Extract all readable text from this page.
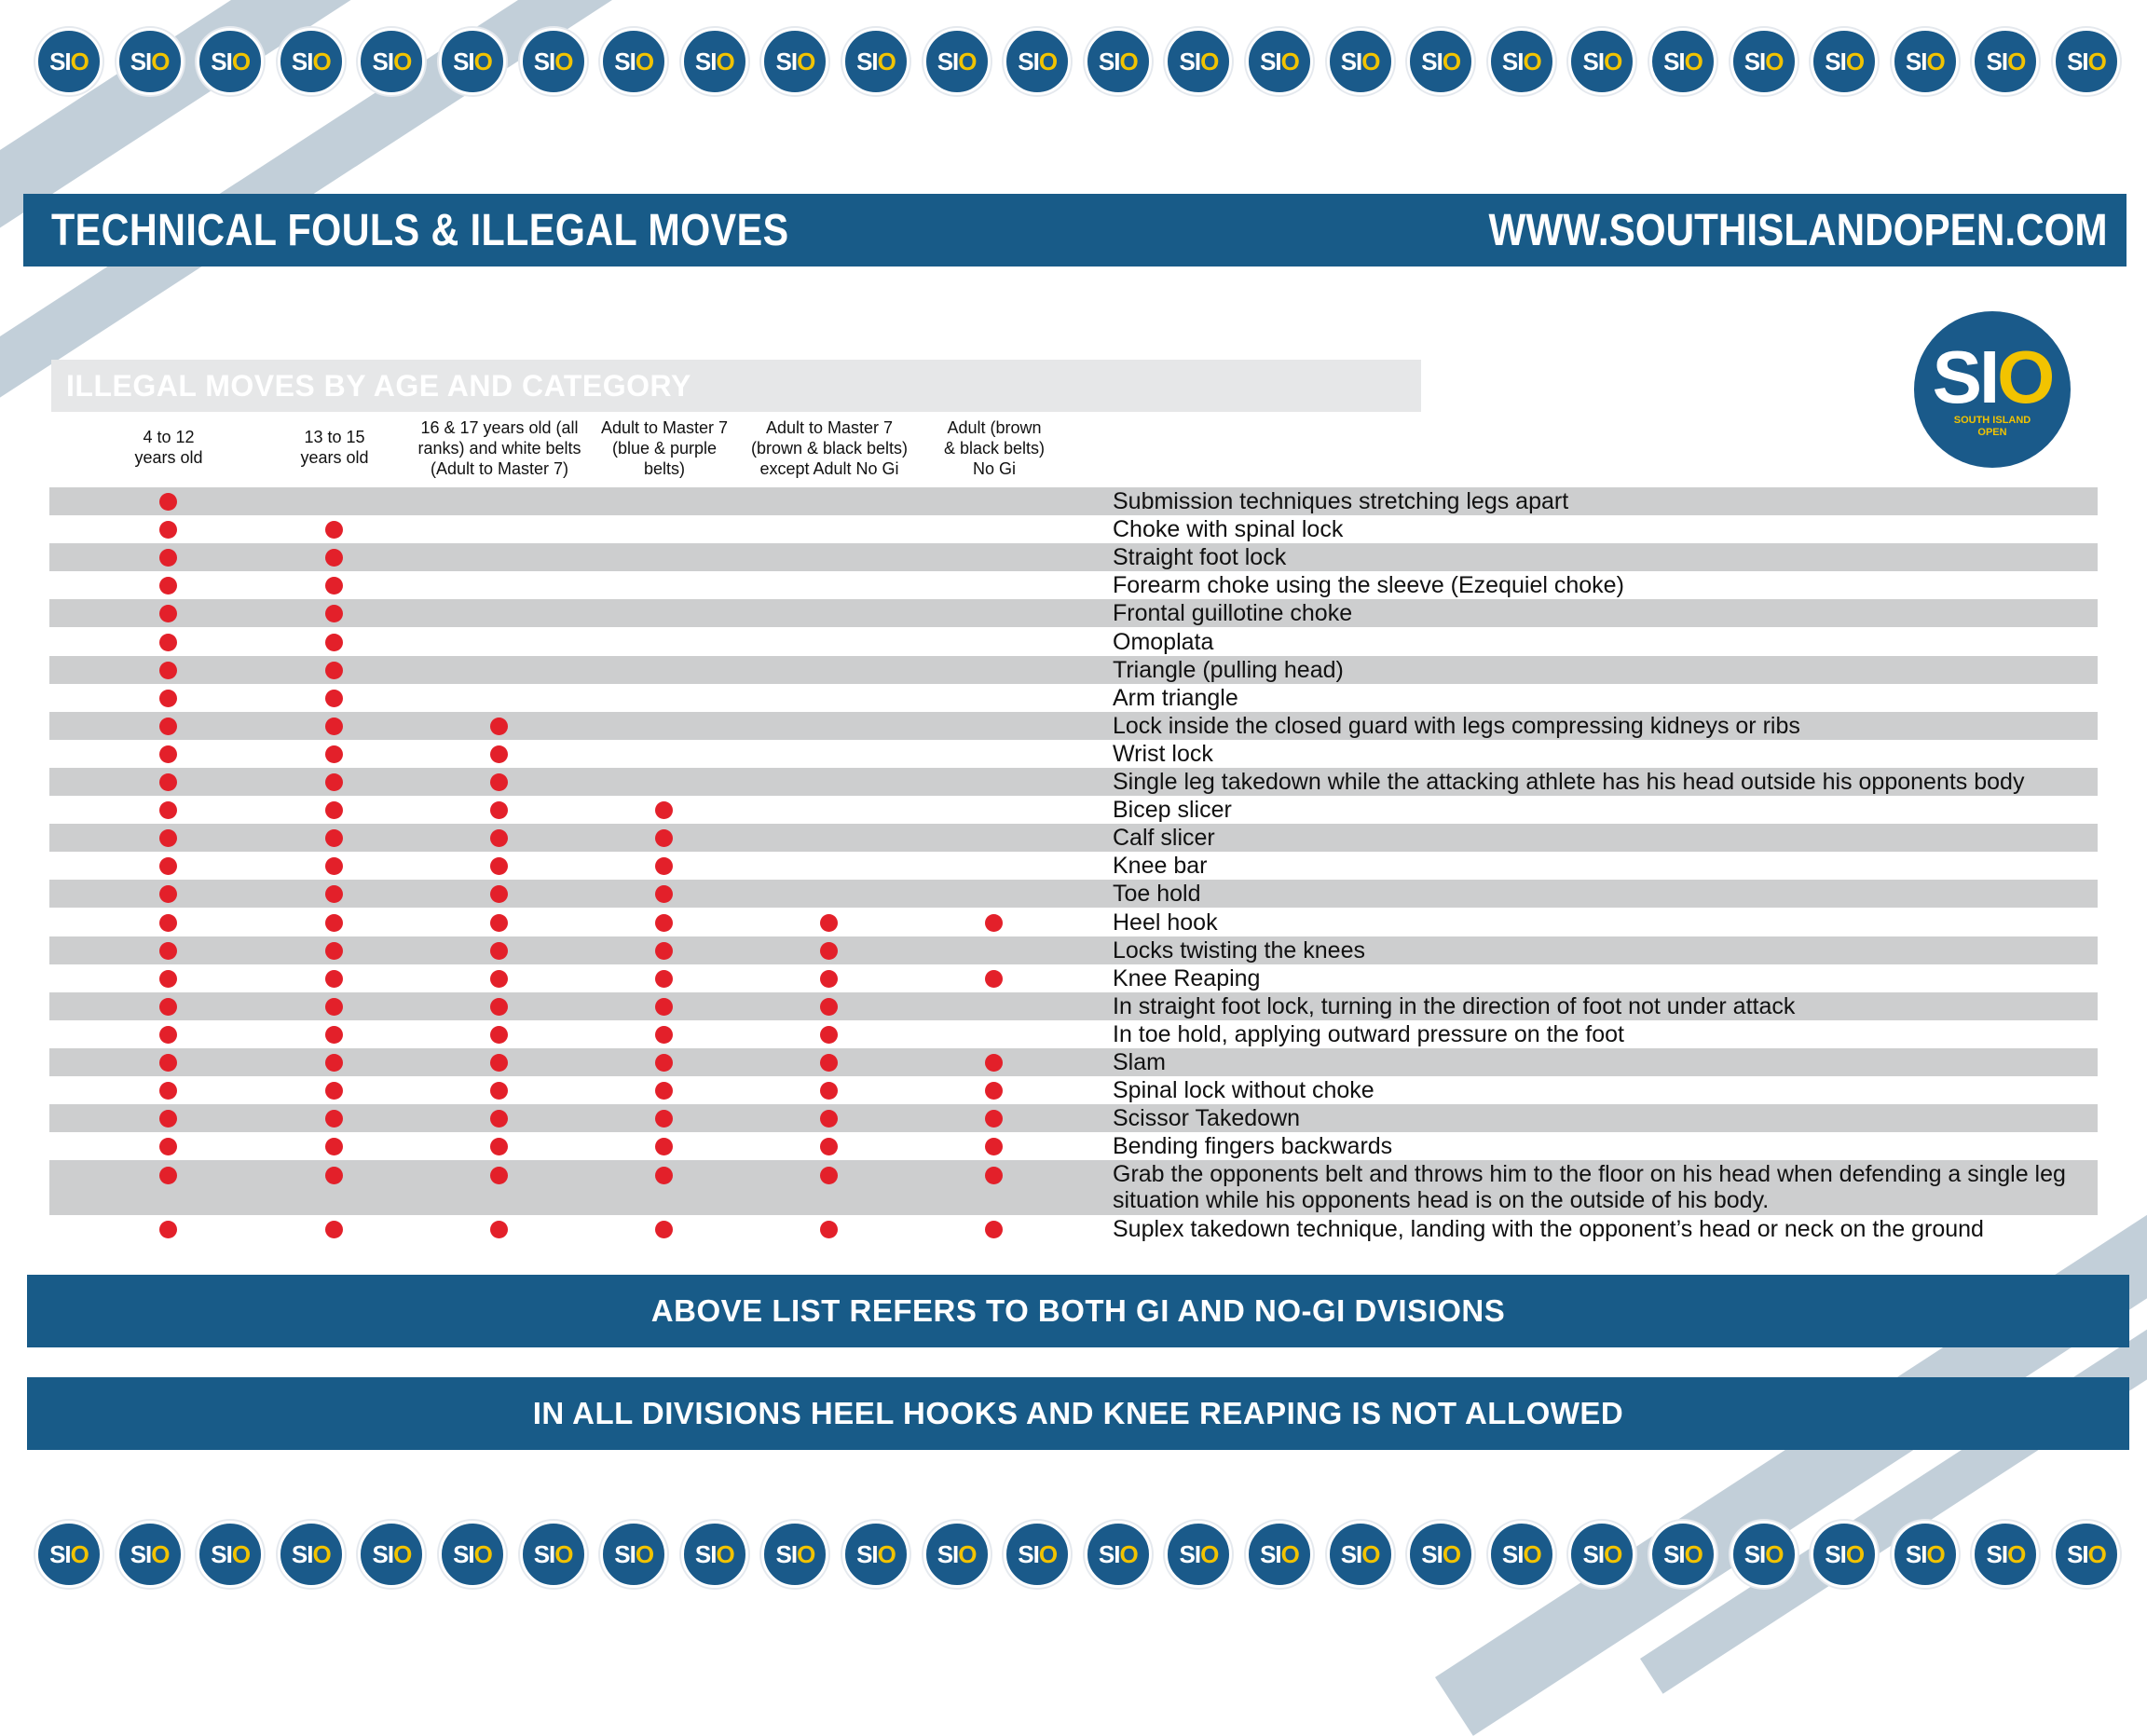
SIO SIO SIO SIO SIO SIO SIO SIO SIO SIO SIO SIO SIO SIO SIO SIO SIO SIO SIO SIO SIO SIO SIO SIO SIO SIO
TECHNICAL FOULS & ILLEGAL MOVES	WWW.SOUTHISLANDOPEN.COM
ILLEGAL MOVES BY AGE AND CATEGORY	SIO
SOUTH ISLAND OPEN
4 to 12
years old
13 to 15
years old
16 & 17 years old (all
ranks) and white belts
(Adult to Master 7)
Adult to Master 7
(blue & purple
belts)
Adult to Master 7
(brown & black belts)
except Adult No Gi
Adult (brown
& black belts)
No Gi
Submission techniques stretching legs apart
Choke with spinal lock
Straight foot lock
Forearm choke using the sleeve (Ezequiel choke)
Frontal guillotine choke
Omoplata
Triangle (pulling head)
Arm triangle
Lock inside the closed guard with legs compressing kidneys or ribs
Wrist lock
Single leg takedown while the attacking athlete has his head outside his opponents body
Bicep slicer
Calf slicer
Knee bar
Toe hold
Heel hook
Locks twisting the knees
Knee Reaping
In straight foot lock, turning in the direction of foot not under attack
In toe hold, applying outward pressure on the foot
Slam
Spinal lock without choke
Scissor Takedown
Bending fingers backwards
Grab the opponents belt and throws him to the floor on his head when defending a single leg situation while his opponents head is on the outside of his body.
Suplex takedown technique, landing with the opponent’s head or neck on the ground
ABOVE LIST REFERS TO BOTH GI AND NO-GI DVISIONS
IN ALL DIVISIONS HEEL HOOKS AND KNEE REAPING IS NOT ALLOWED
SIO SIO SIO SIO SIO SIO SIO SIO SIO SIO SIO SIO SIO SIO SIO SIO SIO SIO SIO SIO SIO SIO SIO SIO SIO SIO
